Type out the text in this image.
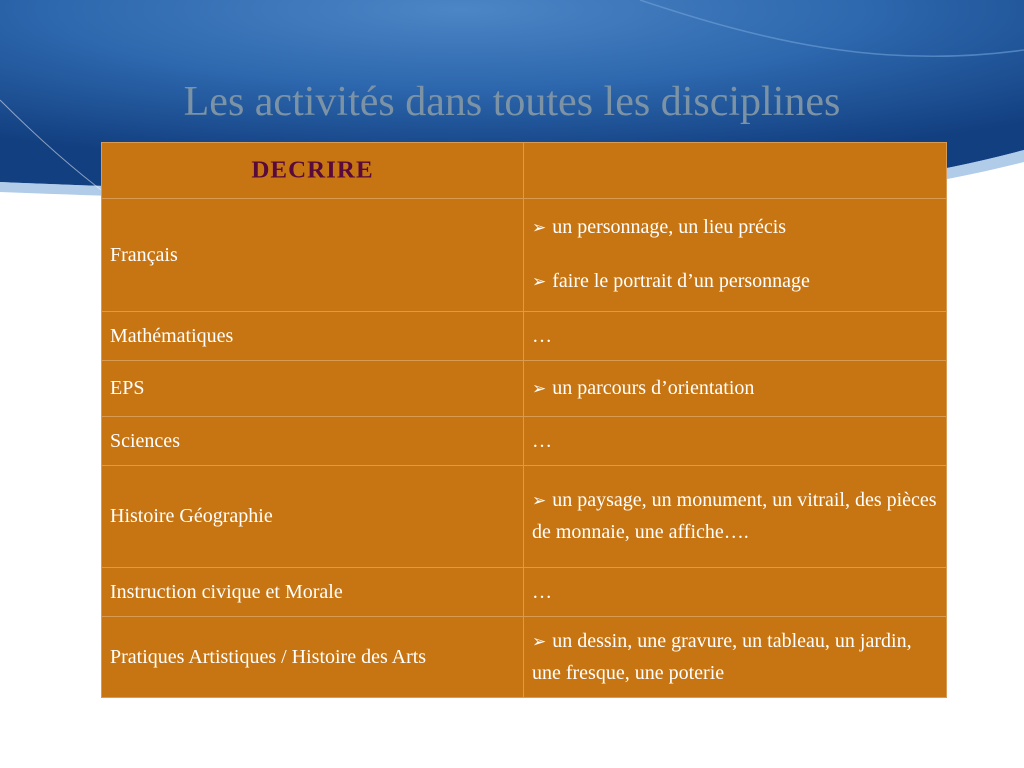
Les activités dans toutes les disciplines
DECRIRE	
Français	➢ un personnage, un lieu précis
➢ faire le portrait d’un personnage

Mathématiques	…
EPS	➢ un parcours d’orientation

Sciences	…
Histoire Géographie	➢ un paysage, un monument, un vitrail, des pièces de monnaie, une affiche….

Instruction civique et Morale	…
Pratiques Artistiques / Histoire des Arts	➢ un dessin, une gravure, un tableau, un jardin, une fresque, une poterie
